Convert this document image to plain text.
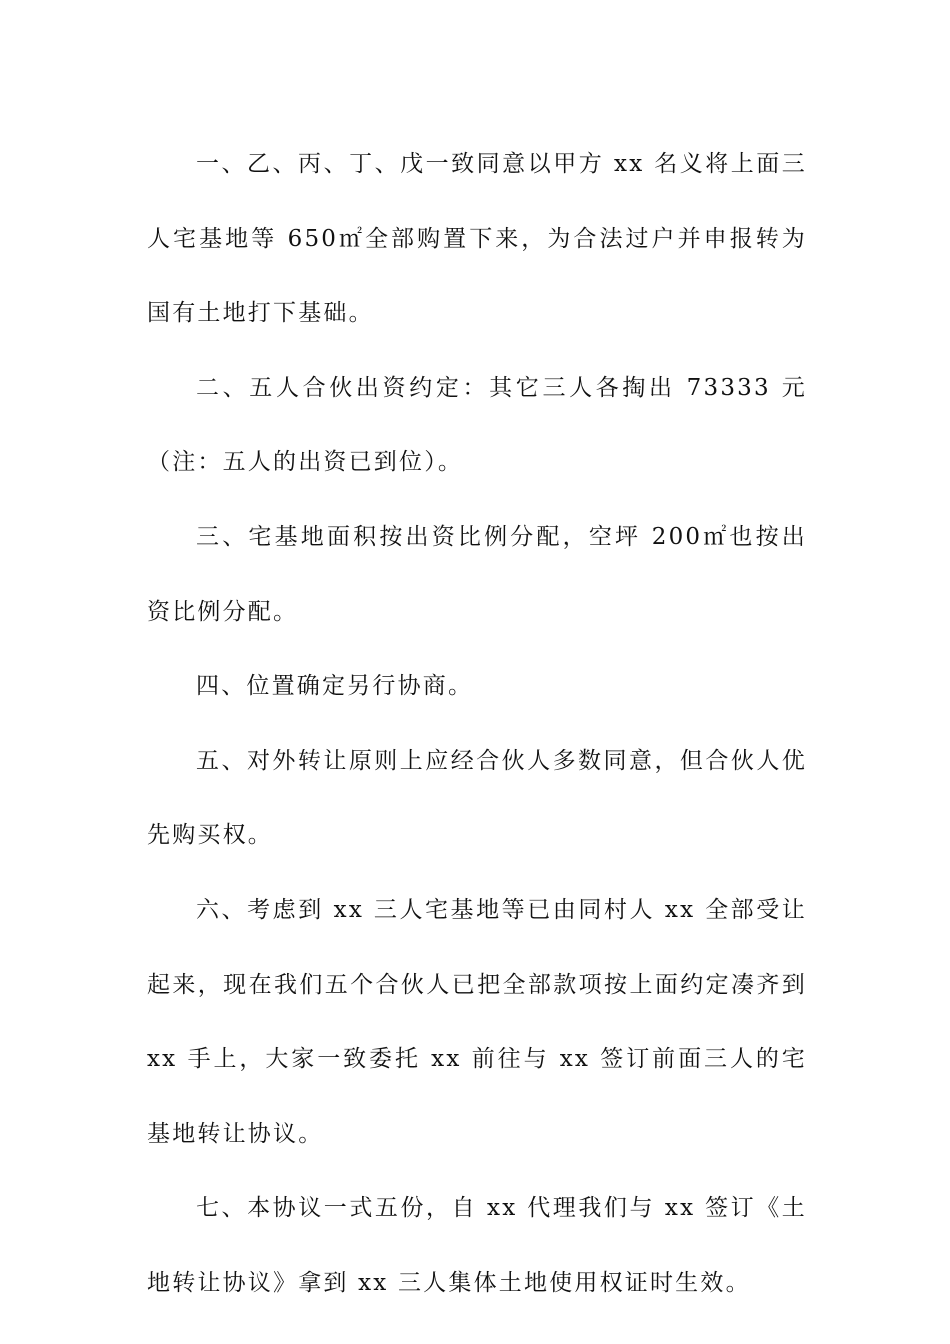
一、乙、丙、丁、戊一致同意以甲方 xx 名义将上面三人宅基地等 650㎡全部购置下来，为合法过户并申报转为国有土地打下基础。

二、五人合伙出资约定：其它三人各掏出 73333 元（注：五人的出资已到位）。

三、宅基地面积按出资比例分配，空坪 200㎡也按出资比例分配。

四、位置确定另行协商。

五、对外转让原则上应经合伙人多数同意，但合伙人优先购买权。

六、考虑到 xx 三人宅基地等已由同村人 xx 全部受让起来，现在我们五个合伙人已把全部款项按上面约定凑齐到 xx 手上，大家一致委托 xx 前往与 xx 签订前面三人的宅基地转让协议。

七、本协议一式五份，自 xx 代理我们与 xx 签订《土地转让协议》拿到 xx 三人集体土地使用权证时生效。
